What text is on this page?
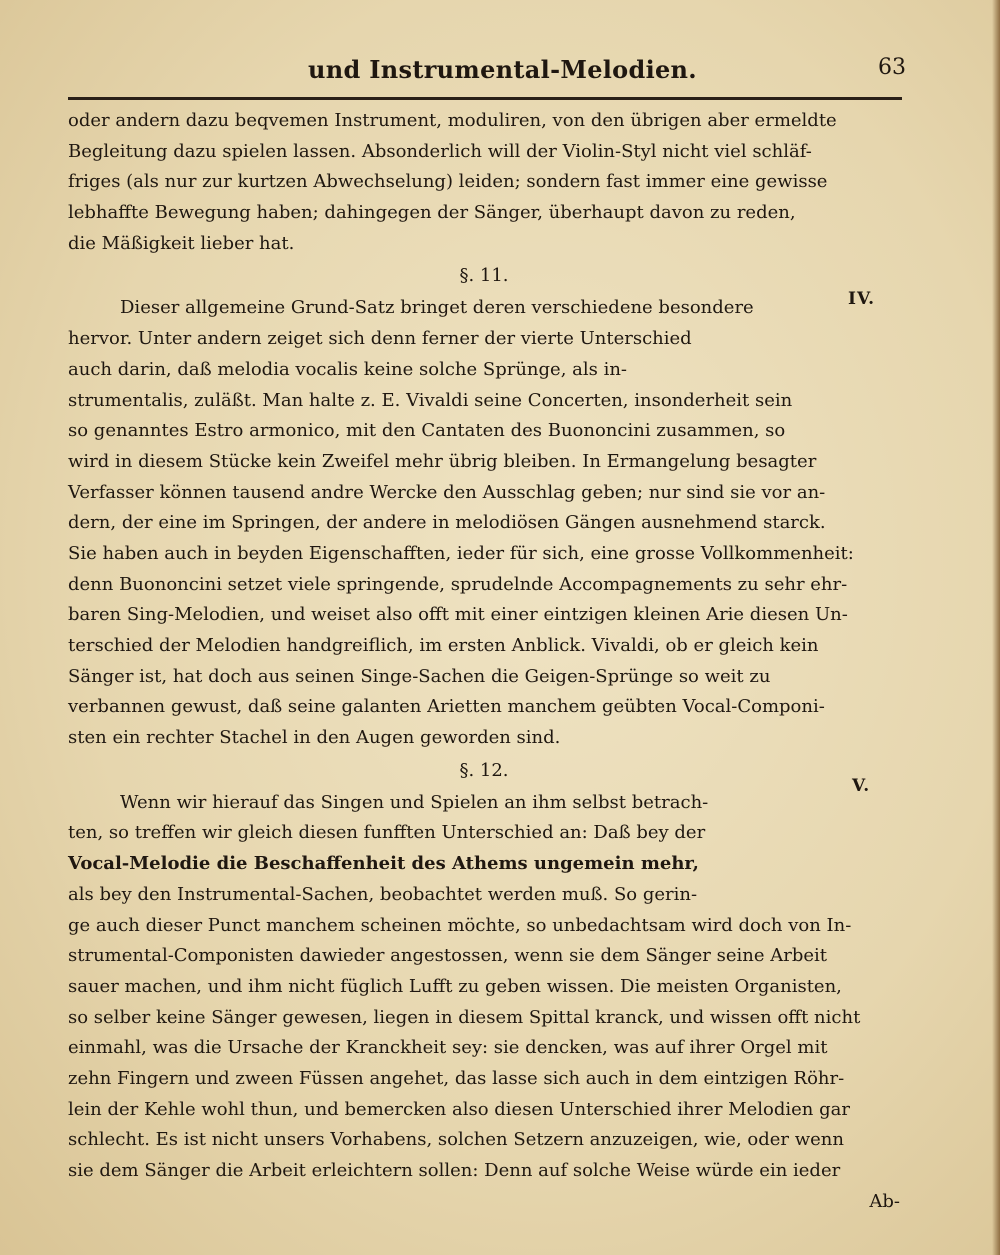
und Instrumental-Melodien.	63
oder andern dazu beqvemen Instrument, moduliren, von den übrigen aber ermeldte
Begleitung dazu spielen lassen. Absonderlich will der Violin-Styl nicht viel schläf-
friges (als nur zur kurtzen Abwechselung) leiden; sondern fast immer eine gewisse
lebhaffte Bewegung haben; dahingegen der Sänger, überhaupt davon zu reden,
die Mäßigkeit lieber hat.
§. 11.
Dieser allgemeine Grund-Satz bringet deren verschiedene besondere
hervor. Unter andern zeiget sich denn ferner der vierte Unterschied
auch darin, daß melodia vocalis keine solche Sprünge, als in-
strumentalis, zuläßt. Man halte z. E. Vivaldi seine Concerten, insonderheit sein
so genanntes Estro armonico, mit den Cantaten des Buononcini zusammen, so
wird in diesem Stücke kein Zweifel mehr übrig bleiben. In Ermangelung besagter
Verfasser können tausend andre Wercke den Ausschlag geben; nur sind sie vor an-
dern, der eine im Springen, der andere in melodiösen Gängen ausnehmend starck.
Sie haben auch in beyden Eigenschafften, ieder für sich, eine grosse Vollkommenheit:
denn Buononcini setzet viele springende, sprudelnde Accompagnements zu sehr ehr-
baren Sing-Melodien, und weiset also offt mit einer eintzigen kleinen Arie diesen Un-
terschied der Melodien handgreiflich, im ersten Anblick. Vivaldi, ob er gleich kein
Sänger ist, hat doch aus seinen Singe-Sachen die Geigen-Sprünge so weit zu
verbannen gewust, daß seine galanten Arietten manchem geübten Vocal-Componi-
sten ein rechter Stachel in den Augen geworden sind.
§. 12.
Wenn wir hierauf das Singen und Spielen an ihm selbst betrach-
ten, so treffen wir gleich diesen funfften Unterschied an: Daß bey der
Vocal-Melodie die Beschaffenheit des Athems ungemein mehr,
als bey den Instrumental-Sachen, beobachtet werden muß. So gerin-
ge auch dieser Punct manchem scheinen möchte, so unbedachtsam wird doch von In-
strumental-Componisten dawieder angestossen, wenn sie dem Sänger seine Arbeit
sauer machen, und ihm nicht füglich Lufft zu geben wissen. Die meisten Organisten,
so selber keine Sänger gewesen, liegen in diesem Spittal kranck, und wissen offt nicht
einmahl, was die Ursache der Kranckheit sey: sie dencken, was auf ihrer Orgel mit
zehn Fingern und zween Füssen angehet, das lasse sich auch in dem eintzigen Röhr-
lein der Kehle wohl thun, und bemercken also diesen Unterschied ihrer Melodien gar
schlecht. Es ist nicht unsers Vorhabens, solchen Setzern anzuzeigen, wie, oder wenn
sie dem Sänger die Arbeit erleichtern sollen: Denn auf solche Weise würde ein ieder
Ab-
IV.
V.
